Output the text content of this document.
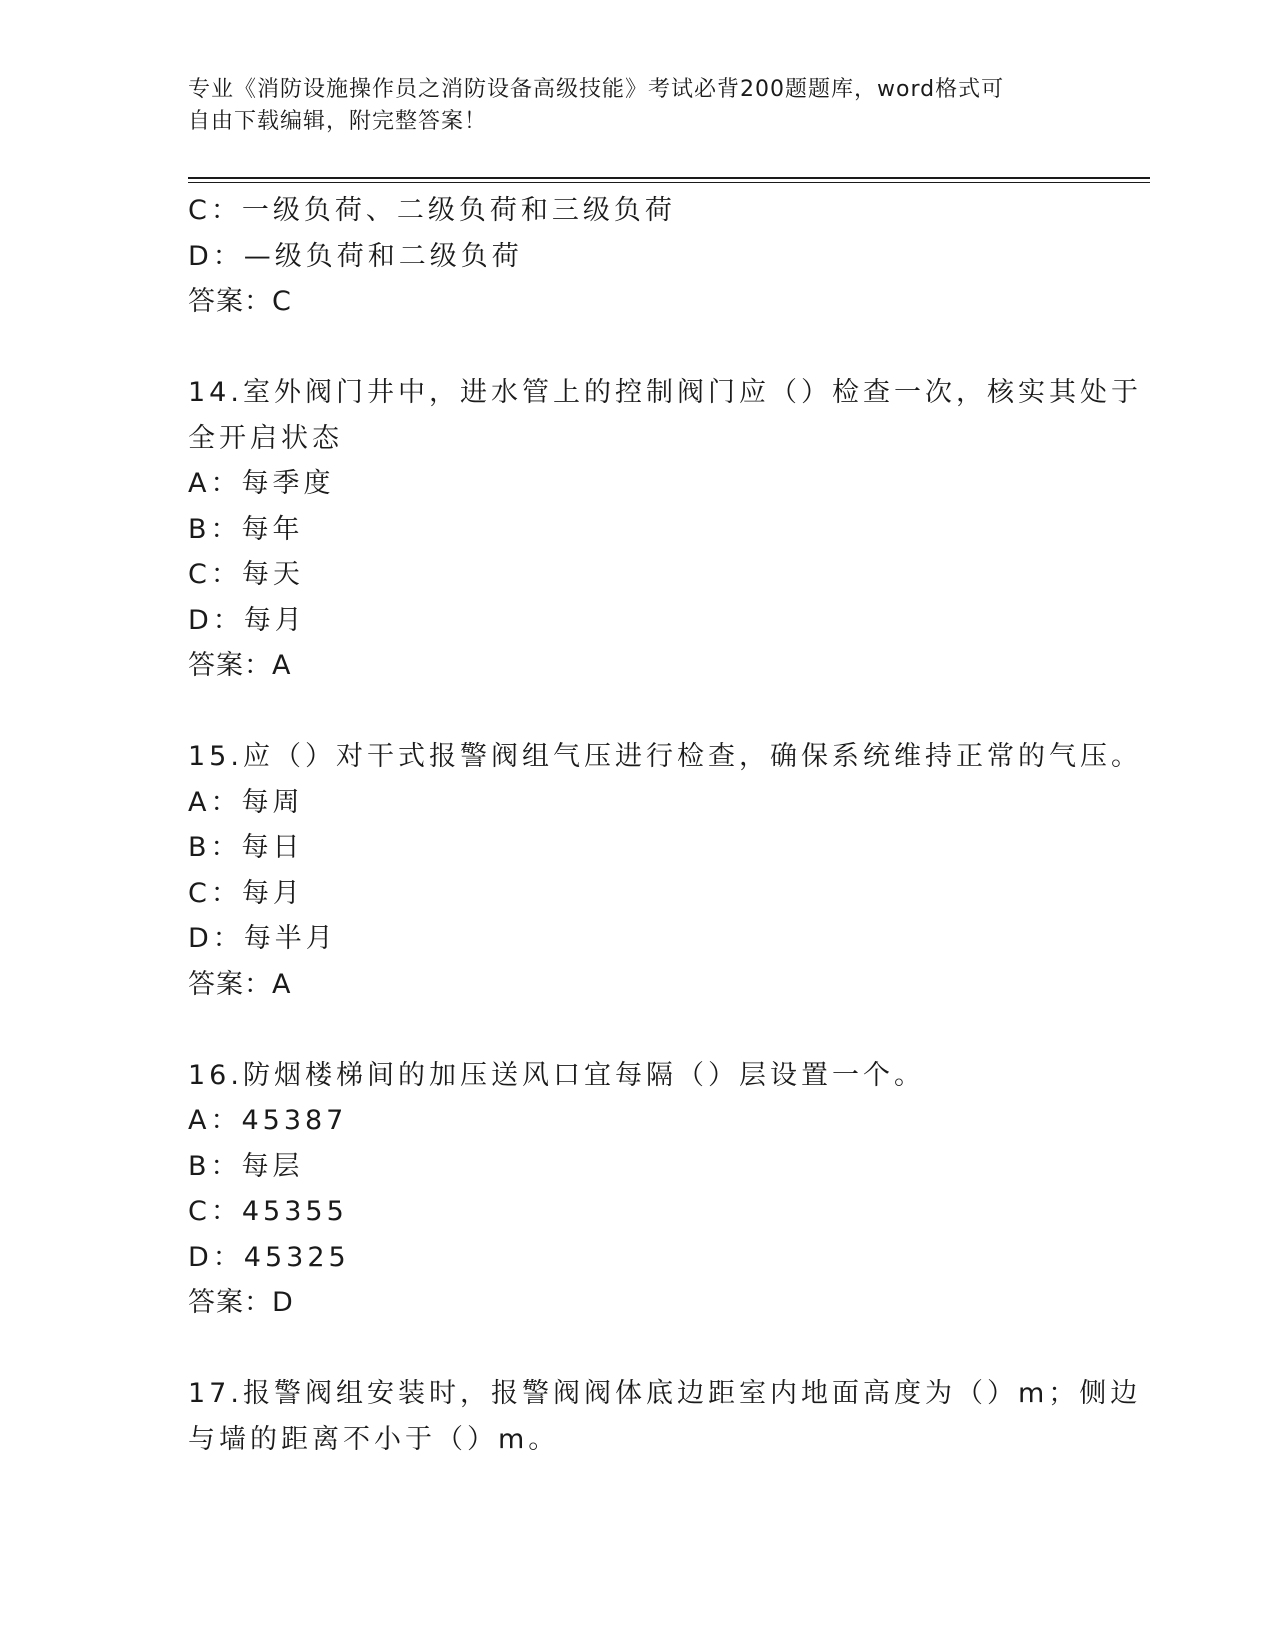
专业《消防设施操作员之消防设备高级技能》考试必背200题题库，word格式可
自由下载编辑，附完整答案！
C：一级负荷、二级负荷和三级负荷
D：—级负荷和二级负荷
答案：C
14.室外阀门井中，进水管上的控制阀门应（）检查一次，核实其处于
全开启状态
A：每季度
B：每年
C：每天
D：每月
答案：A
15.应（）对干式报警阀组气压进行检查，确保系统维持正常的气压。
A：每周
B：每日
C：每月
D：每半月
答案：A
16.防烟楼梯间的加压送风口宜每隔（）层设置一个。
A：45387
B：每层
C：45355
D：45325
答案：D
17.报警阀组安装时，报警阀阀体底边距室内地面高度为（）m；侧边
与墙的距离不小于（）m。
